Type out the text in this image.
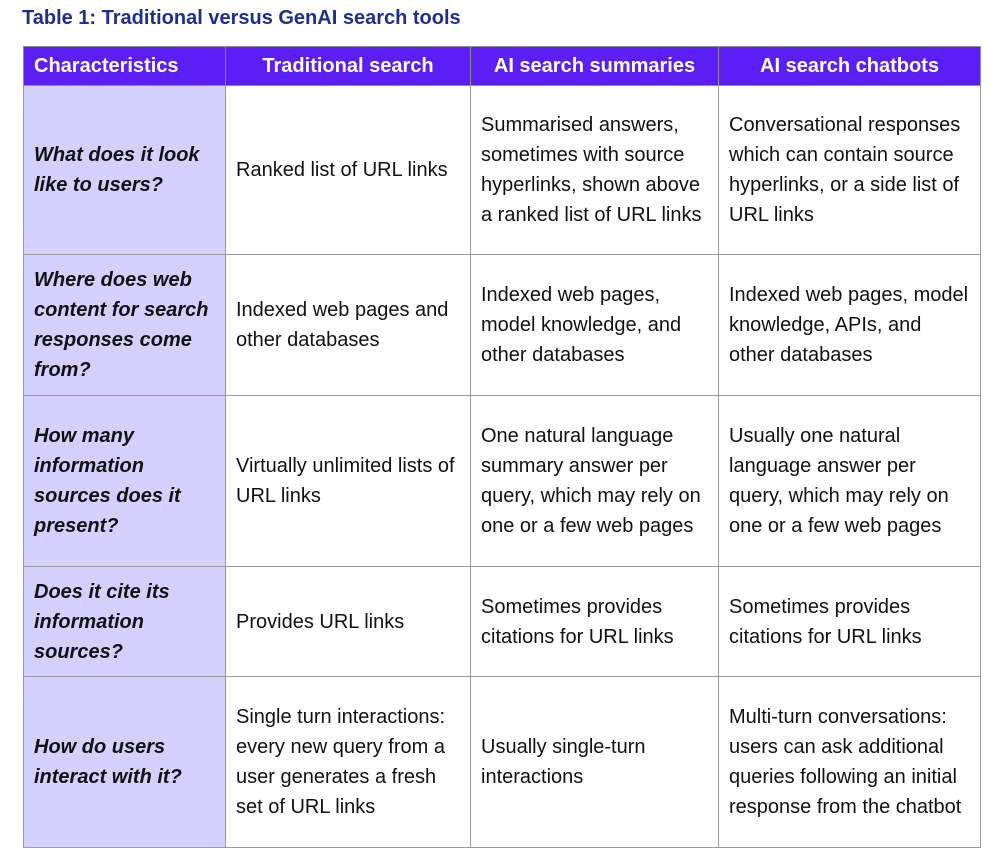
Table 1: Traditional versus GenAI search tools
Characteristics	Traditional search	AI search summaries	AI search chatbots
What does it look like to users?	Ranked list of URL links	Summarised answers, sometimes with source hyperlinks, shown above a ranked list of URL links	Conversational responses which can contain source hyperlinks, or a side list of URL links
Where does web content for search responses come from?	Indexed web pages and other databases	Indexed web pages, model knowledge, and other databases	Indexed web pages, model knowledge, APIs, and other databases
How many information sources does it present?	Virtually unlimited lists of URL links	One natural language summary answer per query, which may rely on one or a few web pages	Usually one natural language answer per query, which may rely on one or a few web pages
Does it cite its information sources?	Provides URL links	Sometimes provides citations for URL links	Sometimes provides citations for URL links
How do users interact with it?	Single turn interactions: every new query from a user generates a fresh set of URL links	Usually single-turn interactions	Multi-turn conversations: users can ask additional queries following an initial response from the chatbot
